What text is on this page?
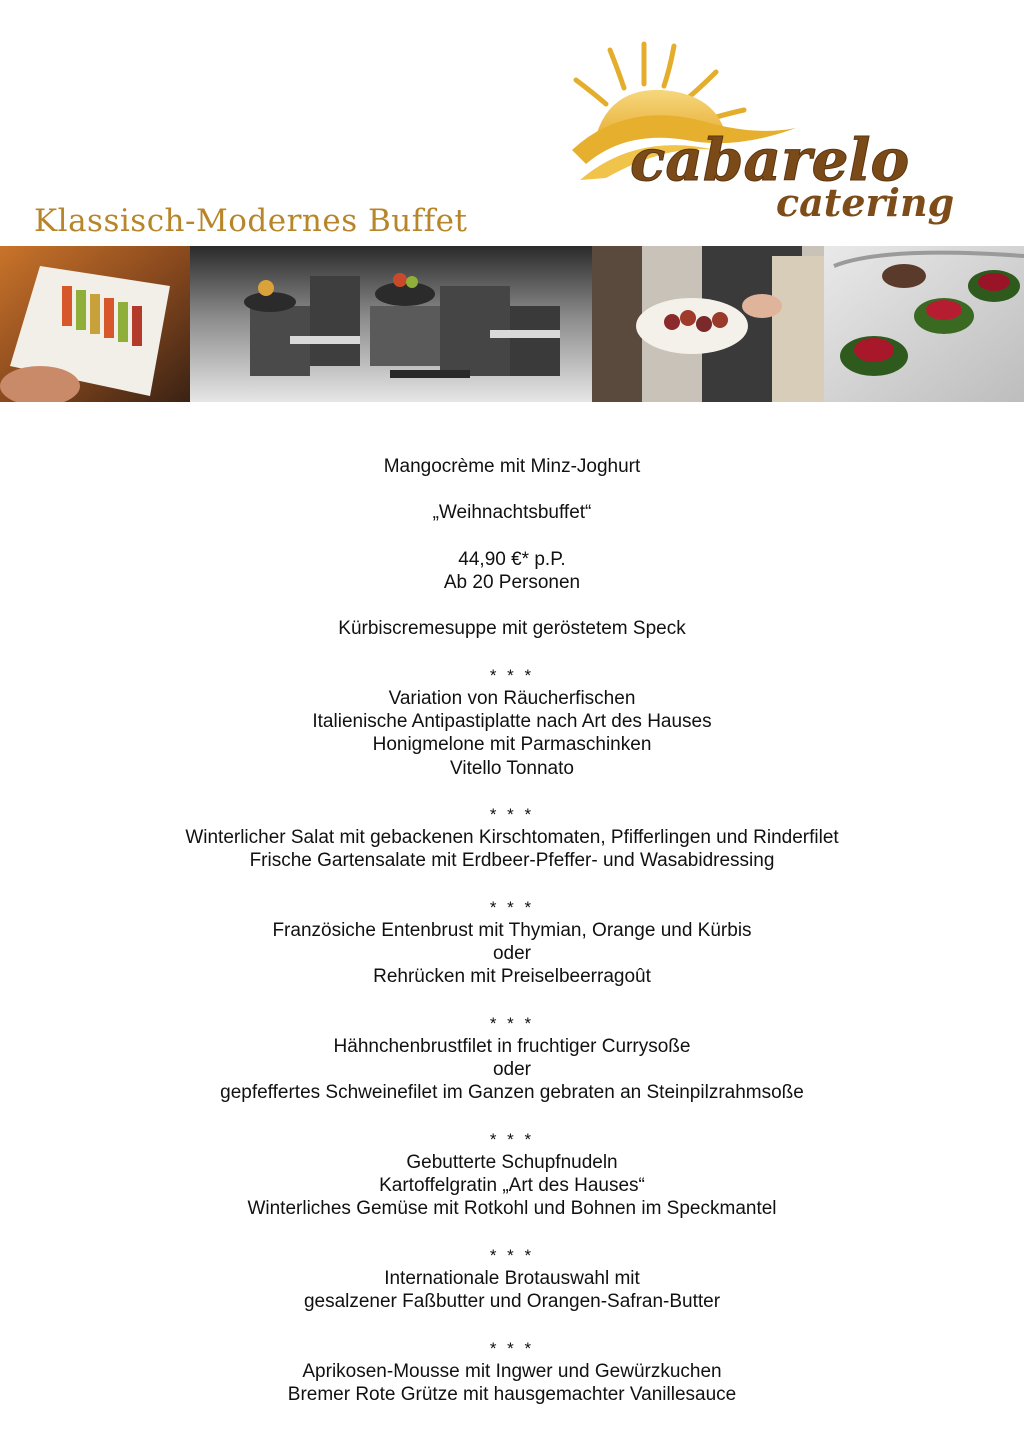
cabarelo
catering
Klassisch-Modernes Buffet
Mangocrème mit Minz-Joghurt
„Weihnachtsbuffet“
44,90 €* p.P.
Ab 20 Personen
Kürbiscremesuppe mit geröstetem Speck
* * *
Variation von Räucherfischen
Italienische Antipastiplatte nach Art des Hauses
Honigmelone mit Parmaschinken
Vitello Tonnato
* * *
Winterlicher Salat mit gebackenen Kirschtomaten, Pfifferlingen und Rinderfilet
Frische Gartensalate mit Erdbeer-Pfeffer- und Wasabidressing
* * *
Französiche Entenbrust mit Thymian, Orange und Kürbis
oder
Rehrücken mit Preiselbeerragoût
* * *
Hähnchenbrustfilet in fruchtiger Currysoße
oder
gepfeffertes Schweinefilet im Ganzen gebraten an Steinpilzrahmsoße
* * *
Gebutterte Schupfnudeln
Kartoffelgratin „Art des Hauses“
Winterliches Gemüse mit Rotkohl und Bohnen im Speckmantel
* * *
Internationale Brotauswahl mit
gesalzener Faßbutter und Orangen-Safran-Butter
* * *
Aprikosen-Mousse mit Ingwer und Gewürzkuchen
Bremer Rote Grütze mit hausgemachter Vanillesauce
